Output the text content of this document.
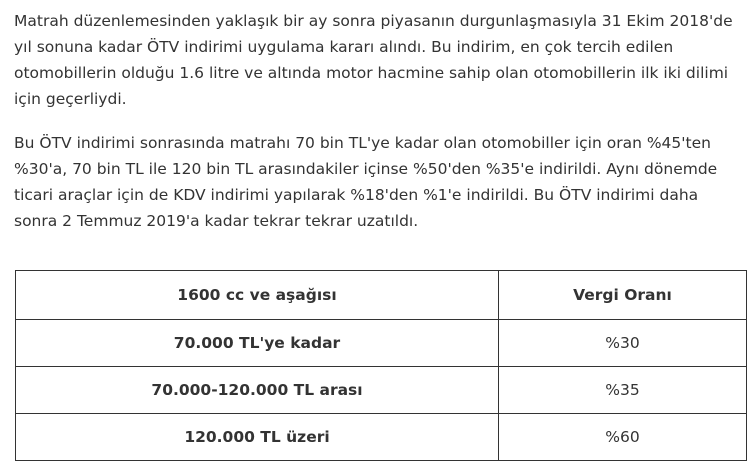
Matrah düzenlemesinden yaklaşık bir ay sonra piyasanın durgunlaşmasıyla 31 Ekim 2018'de yıl sonuna kadar ÖTV indirimi uygulama kararı alındı. Bu indirim, en çok tercih edilen otomobillerin olduğu 1.6 litre ve altında motor hacmine sahip olan otomobillerin ilk iki dilimi için geçerliydi.

Bu ÖTV indirimi sonrasında matrahı 70 bin TL'ye kadar olan otomobiller için oran %45'ten %30'a, 70 bin TL ile 120 bin TL arasındakiler içinse %50'den %35'e indirildi. Aynı dönemde ticari araçlar için de KDV indirimi yapılarak %18'den %1'e indirildi. Bu ÖTV indirimi daha sonra 2 Temmuz 2019'a kadar tekrar tekrar uzatıldı.

1600 cc ve aşağısı	Vergi Oranı
70.000 TL'ye kadar	%30
70.000-120.000 TL arası	%35
120.000 TL üzeri	%60
